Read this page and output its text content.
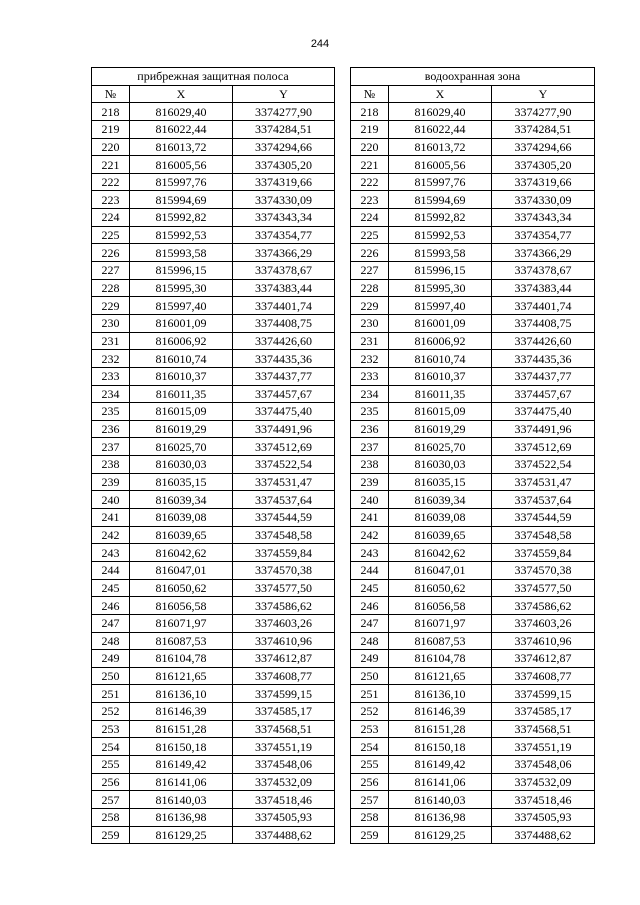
244
прибрежная защитная полоса		
№	X	Y
218	816029,40	3374277,90
219	816022,44	3374284,51
220	816013,72	3374294,66
221	816005,56	3374305,20
222	815997,76	3374319,66
223	815994,69	3374330,09
224	815992,82	3374343,34
225	815992,53	3374354,77
226	815993,58	3374366,29
227	815996,15	3374378,67
228	815995,30	3374383,44
229	815997,40	3374401,74
230	816001,09	3374408,75
231	816006,92	3374426,60
232	816010,74	3374435,36
233	816010,37	3374437,77
234	816011,35	3374457,67
235	816015,09	3374475,40
236	816019,29	3374491,96
237	816025,70	3374512,69
238	816030,03	3374522,54
239	816035,15	3374531,47
240	816039,34	3374537,64
241	816039,08	3374544,59
242	816039,65	3374548,58
243	816042,62	3374559,84
244	816047,01	3374570,38
245	816050,62	3374577,50
246	816056,58	3374586,62
247	816071,97	3374603,26
248	816087,53	3374610,96
249	816104,78	3374612,87
250	816121,65	3374608,77
251	816136,10	3374599,15
252	816146,39	3374585,17
253	816151,28	3374568,51
254	816150,18	3374551,19
255	816149,42	3374548,06
256	816141,06	3374532,09
257	816140,03	3374518,46
258	816136,98	3374505,93
259	816129,25	3374488,62
водоохранная зона		
№	X	Y
218	816029,40	3374277,90
219	816022,44	3374284,51
220	816013,72	3374294,66
221	816005,56	3374305,20
222	815997,76	3374319,66
223	815994,69	3374330,09
224	815992,82	3374343,34
225	815992,53	3374354,77
226	815993,58	3374366,29
227	815996,15	3374378,67
228	815995,30	3374383,44
229	815997,40	3374401,74
230	816001,09	3374408,75
231	816006,92	3374426,60
232	816010,74	3374435,36
233	816010,37	3374437,77
234	816011,35	3374457,67
235	816015,09	3374475,40
236	816019,29	3374491,96
237	816025,70	3374512,69
238	816030,03	3374522,54
239	816035,15	3374531,47
240	816039,34	3374537,64
241	816039,08	3374544,59
242	816039,65	3374548,58
243	816042,62	3374559,84
244	816047,01	3374570,38
245	816050,62	3374577,50
246	816056,58	3374586,62
247	816071,97	3374603,26
248	816087,53	3374610,96
249	816104,78	3374612,87
250	816121,65	3374608,77
251	816136,10	3374599,15
252	816146,39	3374585,17
253	816151,28	3374568,51
254	816150,18	3374551,19
255	816149,42	3374548,06
256	816141,06	3374532,09
257	816140,03	3374518,46
258	816136,98	3374505,93
259	816129,25	3374488,62
